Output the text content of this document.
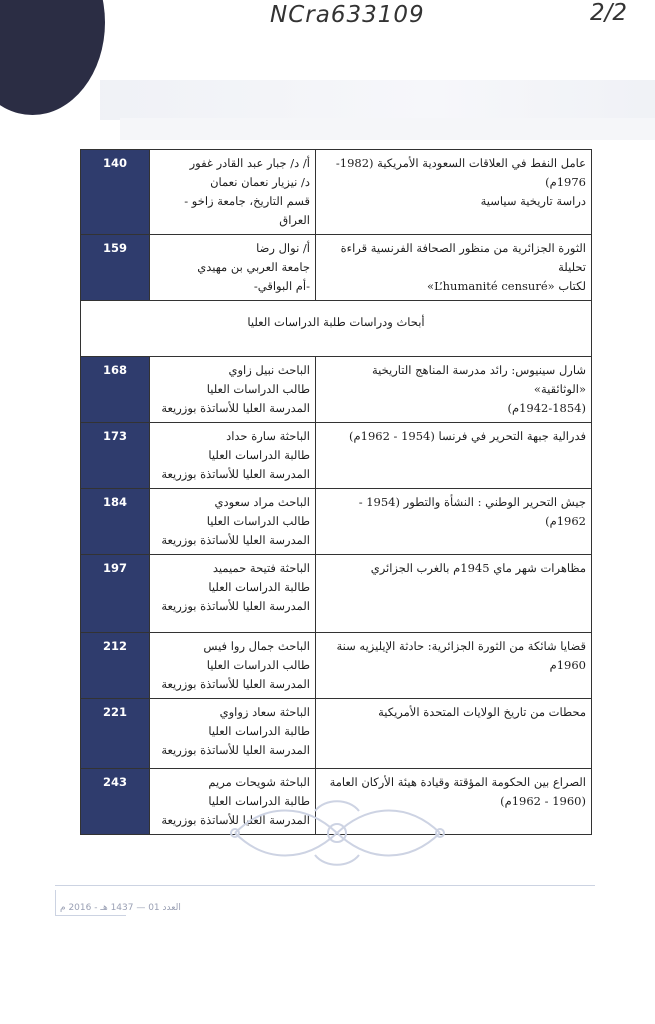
NCra633109	2/2
140	أ/ د/ جبار عبد القادر غفور
د/ نيزيار نعمان نعمان
قسم التاريخ، جامعة زاخو - العراق	عامل النفط في العلاقات السعودية الأمريكية (1982-1976م)
دراسة تاريخية سياسية

159	أ/ نوال رضا
جامعة العربي بن مهيدي
-أم البواقي-	الثورة الجزائرية من منظور الصحافة الفرنسية قراءة تحليلة
لكتاب «L’humanité censuré»

أبحاث ودراسات طلبة الدراسات العليا		

168	الباحث نبيل زاوي
طالب الدراسات العليا
المدرسة العليا للأساتذة بوزريعة	شارل سينيوس: رائد مدرسة المناهج التاريخية «الوثائقية»
(1942-1854م)

173	الباحثة سارة حداد
طالبة الدراسات العليا
المدرسة العليا للأساتذة بوزريعة	فدرالية جبهة التحرير في فرنسا (1954 - 1962م)

184	الباحث مراد سعودي
طالب الدراسات العليا
المدرسة العليا للأساتذة بوزريعة	جيش التحرير الوطني : النشأة والتطور (1954 - 1962م)

197	الباحثة فتيحة حميميد
طالبة الدراسات العليا
المدرسة العليا للأساتذة بوزريعة	مظاهرات شهر ماي 1945م بالغرب الجزائري

212	الباحث جمال روا فيس
طالب الدراسات العليا
المدرسة العليا للأساتذة بوزريعة	قضايا شائكة من الثورة الجزائرية: حادثة الإيليزيه سنة 1960م

221	الباحثة سعاد زواوي
طالبة الدراسات العليا
المدرسة العليا للأساتذة بوزريعة	محطات من تاريخ الولايات المتحدة الأمريكية

243	الباحثة شويحات مريم
طالبة الدراسات العليا
المدرسة العليا للأساتذة بوزريعة	الصراع بين الحكومة المؤقتة وقيادة هيئة الأركان العامة
(1960 - 1962م)
العدد 01 — 1437 هـ - 2016 م
